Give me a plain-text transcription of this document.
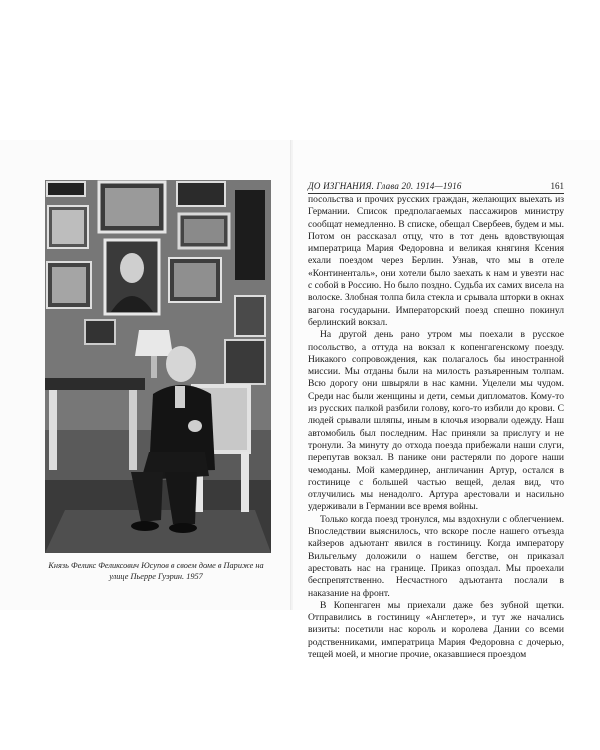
Князь Феликс Феликсович Юсупов в своем доме в Париже на улице Пьерре Гуэрин. 1957
ДО ИЗГНАНИЯ. Глава 20. 1914—1916	161

посольства и прочих русских граждан, желающих выехать из Германии. Список предполагаемых пассажиров министру сообщат немедленно. В списке, обещал Свербеев, будем и мы. Потом он рассказал отцу, что в тот день вдовствующая императрица Мария Федоровна и великая княгиня Ксения ехали поездом через Берлин. Узнав, что мы в отеле «Континенталь», они хотели было заехать к нам и увезти нас с собой в Россию. Но было поздно. Судьба их самих висела на волоске. Злобная толпа била стекла и срывала шторки в окнах вагона государыни. Императорский поезд спешно покинул берлинский вокзал.

На другой день рано утром мы поехали в русское посольство, а оттуда на вокзал к копенгагенскому поезду. Никакого сопровождения, как полагалось бы иностранной миссии. Мы отданы были на милость разъяренным толпам. Всю дорогу они швыряли в нас камни. Уцелели мы чудом. Среди нас были женщины и дети, семьи дипломатов. Кому-то из русских палкой разбили голову, кого-то избили до крови. С людей срывали шляпы, иным в клочья изорвали одежду. Наш автомобиль был последним. Нас приняли за прислугу и не тронули. За минуту до отхода поезда прибежали наши слуги, перепутав вокзал. В панике они растеряли по дороге наши чемоданы. Мой камердинер, англичанин Артур, остался в гостинице с большей частью вещей, делая вид, что отлучились мы ненадолго. Артура арестовали и насильно удерживали в Германии все время войны.

Только когда поезд тронулся, мы вздохнули с облегчением. Впоследствии выяснилось, что вскоре после нашего отъезда кайзеров адъютант явился в гостиницу. Когда императору Вильгельму доложили о нашем бегстве, он приказал арестовать нас на границе. Приказ опоздал. Мы проехали беспрепятственно. Несчастного адъютанта послали в наказание на фронт.

В Копенгаген мы приехали даже без зубной щетки. Отправились в гостиницу «Англетер», и тут же начались визиты: посетили нас король и королева Дании со всеми родственниками, императрица Мария Федоровна с дочерью, тещей моей, и многие прочие, оказавшиеся проездом
